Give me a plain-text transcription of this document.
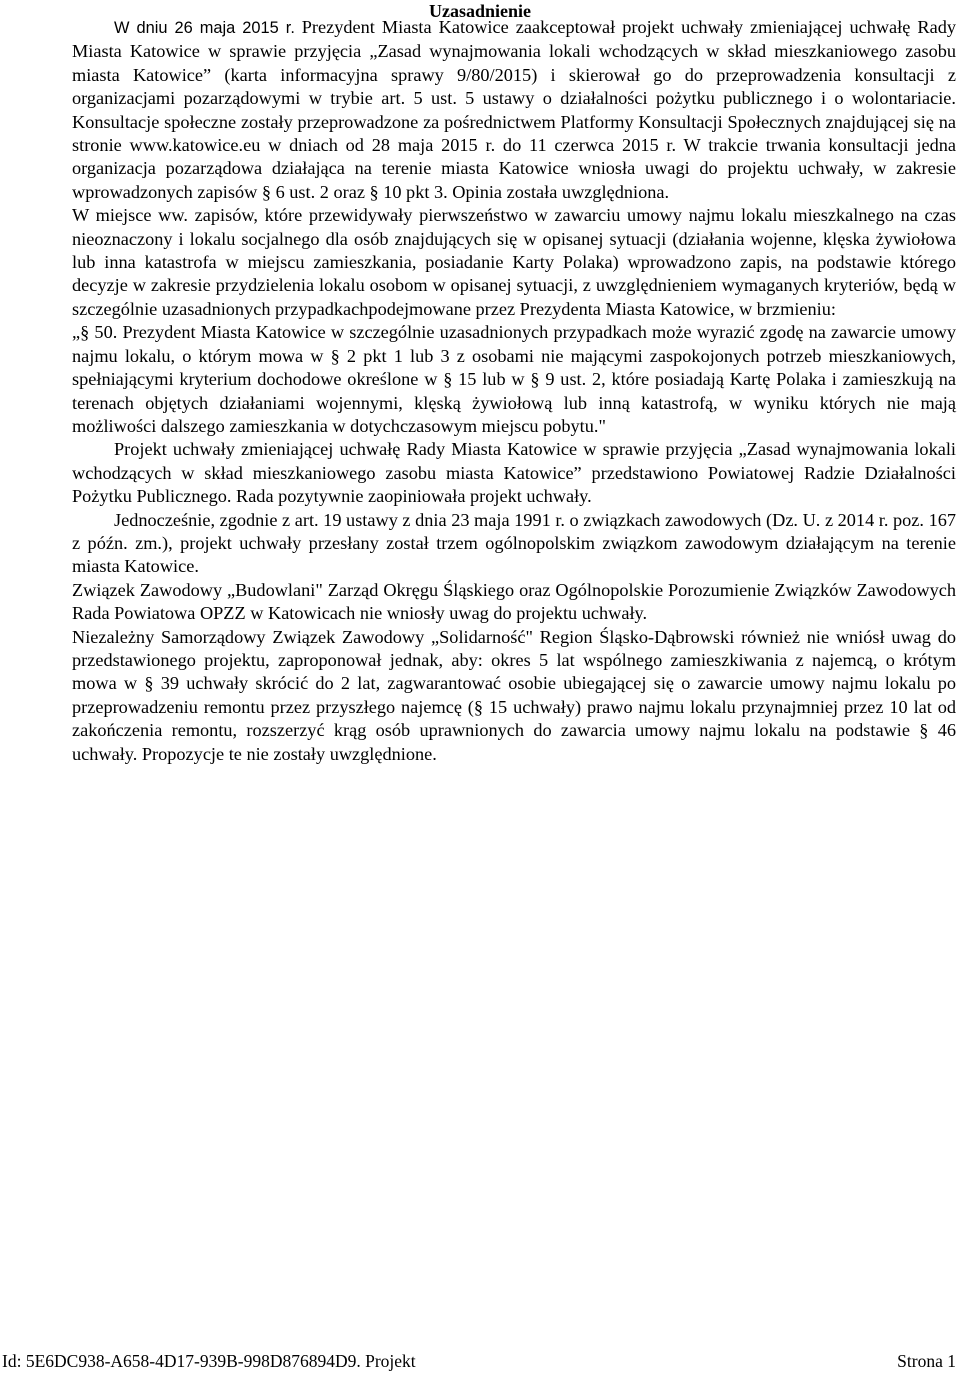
Uzasadnienie

W dniu 26 maja 2015 r. Prezydent Miasta Katowice zaakceptował projekt uchwały zmieniającej uchwałę Rady Miasta Katowice w sprawie przyjęcia „Zasad wynajmowania lokali wchodzących w skład mieszkaniowego zasobu miasta Katowice” (karta informacyjna sprawy 9/80/2015) i skierował go do przeprowadzenia konsultacji z organizacjami pozarządowymi w trybie art. 5 ust. 5 ustawy o działalności pożytku publicznego i o wolontariacie. Konsultacje społeczne zostały przeprowadzone za pośrednictwem Platformy Konsultacji Społecznych znajdującej się na stronie www.katowice.eu w dniach od 28 maja 2015 r. do 11 czerwca 2015 r. W trakcie trwania konsultacji jedna organizacja pozarządowa działająca na terenie miasta Katowice wniosła uwagi do projektu uchwały, w zakresie wprowadzonych zapisów § 6 ust. 2 oraz § 10 pkt 3. Opinia została uwzględniona.

W miejsce ww. zapisów, które przewidywały pierwszeństwo w zawarciu umowy najmu lokalu mieszkalnego na czas nieoznaczony i lokalu socjalnego dla osób znajdujących się w opisanej sytuacji (działania wojenne, klęska żywiołowa lub inna katastrofa w miejscu zamieszkania, posiadanie Karty Polaka) wprowadzono zapis, na podstawie którego decyzje w zakresie przydzielenia lokalu osobom w opisanej sytuacji, z uwzględnieniem wymaganych kryteriów, będą w szczególnie uzasadnionych przypadkachpodejmowane przez Prezydenta Miasta Katowice, w brzmieniu:

„§ 50. Prezydent Miasta Katowice w szczególnie uzasadnionych przypadkach może wyrazić zgodę na zawarcie umowy najmu lokalu, o którym mowa w § 2 pkt 1 lub 3 z osobami nie mającymi zaspokojonych potrzeb mieszkaniowych, spełniającymi kryterium dochodowe określone w § 15 lub w § 9 ust. 2, które posiadają Kartę Polaka i zamieszkują na terenach objętych działaniami wojennymi, klęską żywiołową lub inną katastrofą, w wyniku których nie mają możliwości dalszego zamieszkania w dotychczasowym miejscu pobytu."

Projekt uchwały zmieniającej uchwałę Rady Miasta Katowice w sprawie przyjęcia „Zasad wynajmowania lokali wchodzących w skład mieszkaniowego zasobu miasta Katowice” przedstawiono Powiatowej Radzie Działalności Pożytku Publicznego. Rada pozytywnie zaopiniowała projekt uchwały.

Jednocześnie, zgodnie z art. 19 ustawy z dnia 23 maja 1991 r. o związkach zawodowych (Dz. U. z 2014 r. poz. 167 z późn. zm.), projekt uchwały przesłany został trzem ogólnopolskim związkom zawodowym działającym na terenie miasta Katowice.

Związek Zawodowy „Budowlani" Zarząd Okręgu Śląskiego oraz Ogólnopolskie Porozumienie Związków Zawodowych Rada Powiatowa OPZZ w Katowicach nie wniosły uwag do projektu uchwały.

Niezależny Samorządowy Związek Zawodowy „Solidarność" Region Śląsko-Dąbrowski również nie wniósł uwag do przedstawionego projektu, zaproponował jednak, aby: okres 5 lat wspólnego zamieszkiwania z najemcą, o krótym mowa w § 39 uchwały skrócić do 2 lat, zagwarantować osobie ubiegającej się o zawarcie umowy najmu lokalu po przeprowadzeniu remontu przez przyszłego najemcę (§ 15 uchwały) prawo najmu lokalu przynajmniej przez 10 lat od zakończenia remontu, rozszerzyć krąg osób uprawnionych do zawarcia umowy najmu lokalu na podstawie § 46 uchwały. Propozycje te nie zostały uwzględnione.

Id: 5E6DC938-A658-4D17-939B-998D876894D9. Projekt	Strona 1
